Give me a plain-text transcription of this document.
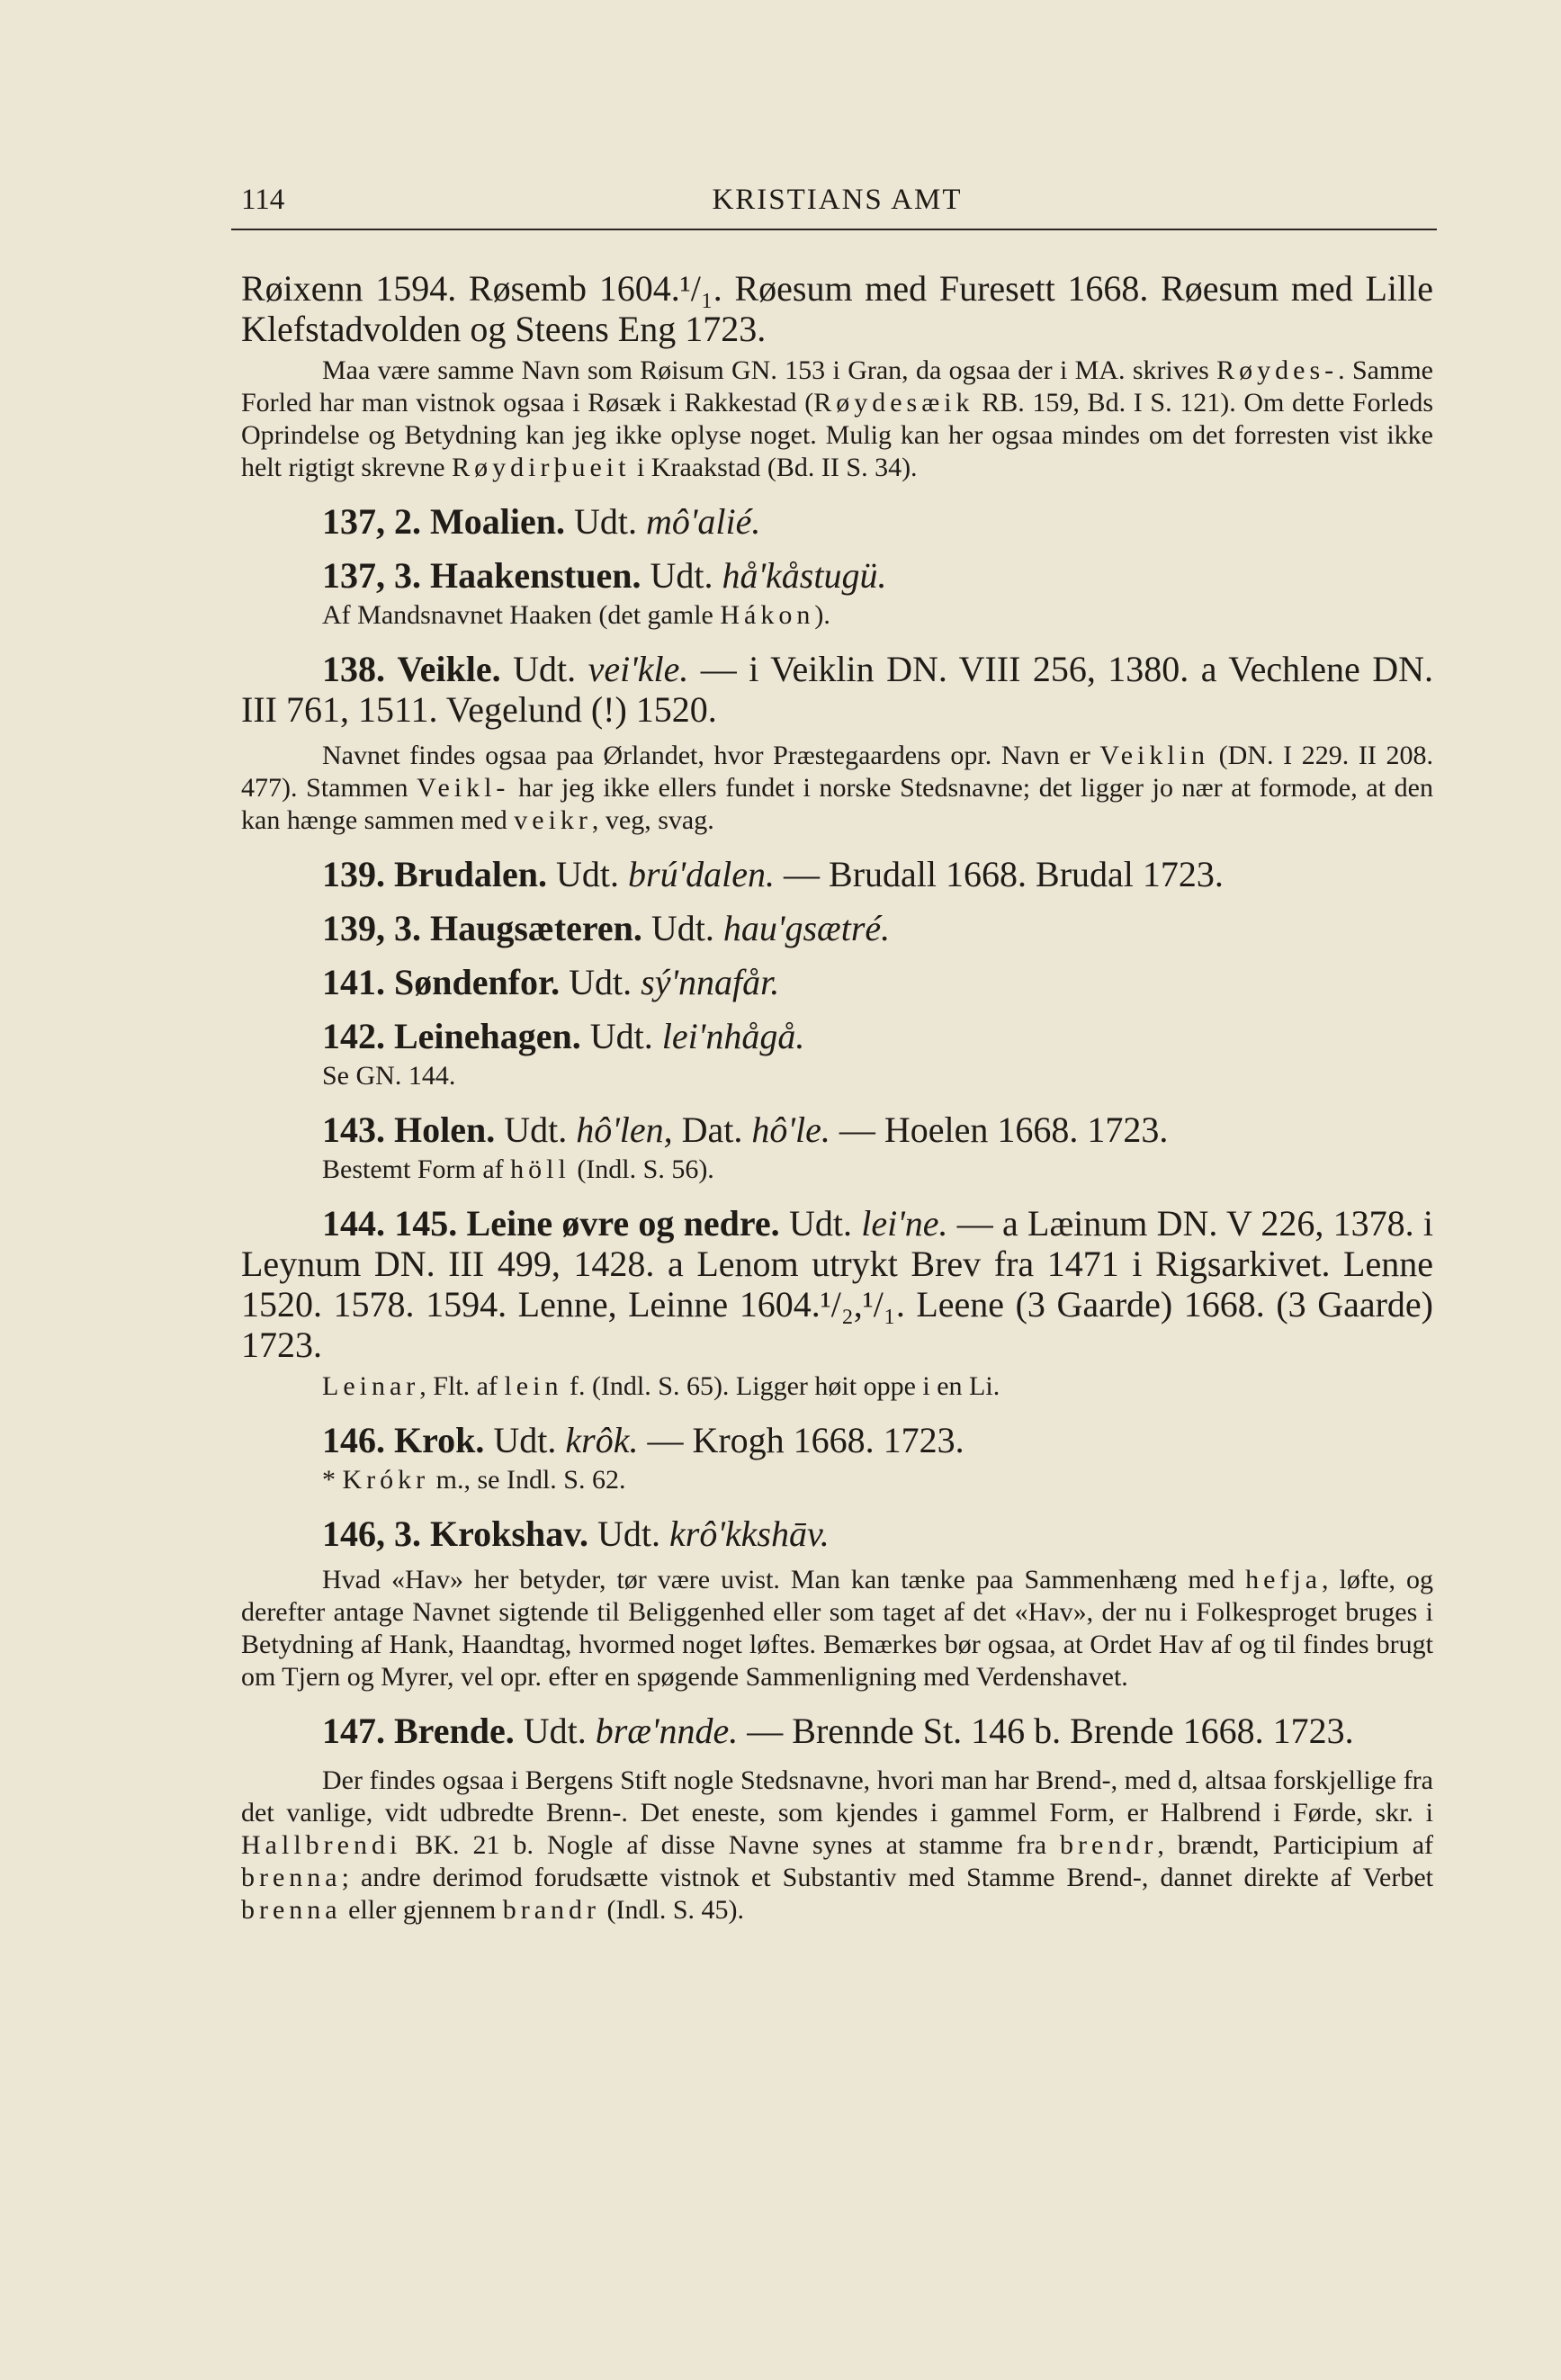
114	KRISTIANS AMT

Røixenn 1594. Røsemb 1604.¹/₁. Røesum med Furesett 1668. Røesum med Lille Klefstadvolden og Steens Eng 1723.

Maa være samme Navn som Røisum GN. 153 i Gran, da ogsaa der i MA. skrives Røydes-. Samme Forled har man vistnok ogsaa i Røsæk i Rakkestad (Røydesæik RB. 159, Bd. I S. 121). Om dette Forleds Oprindelse og Betydning kan jeg ikke oplyse noget. Mulig kan her ogsaa mindes om det forresten vist ikke helt rigtigt skrevne Røydirþueit i Kraakstad (Bd. II S. 34).

137, 2. Moalien. Udt. mô'alié.

137, 3. Haakenstuen. Udt. hå'kåstugü.

Af Mandsnavnet Haaken (det gamle Hákon).

138. Veikle. Udt. vei'kle. — i Veiklin DN. VIII 256, 1380. a Vechlene DN. III 761, 1511. Vegelund (!) 1520.

Navnet findes ogsaa paa Ørlandet, hvor Præstegaardens opr. Navn er Veiklin (DN. I 229. II 208. 477). Stammen Veikl- har jeg ikke ellers fundet i norske Stedsnavne; det ligger jo nær at formode, at den kan hænge sammen med veikr, veg, svag.

139. Brudalen. Udt. brú'dalen. — Brudall 1668. Brudal 1723.

139, 3. Haugsæteren. Udt. hau'gsætré.

141. Søndenfor. Udt. sý'nnafår.

142. Leinehagen. Udt. lei'nhågå.

Se GN. 144.

143. Holen. Udt. hô'len, Dat. hô'le. — Hoelen 1668. 1723.

Bestemt Form af höll (Indl. S. 56).

144. 145. Leine øvre og nedre. Udt. lei'ne. — a Læinum DN. V 226, 1378. i Leynum DN. III 499, 1428. a Lenom utrykt Brev fra 1471 i Rigsarkivet. Lenne 1520. 1578. 1594. Lenne, Leinne 1604.¹/₂,¹/₁. Leene (3 Gaarde) 1668. (3 Gaarde) 1723.

Leinar, Flt. af lein f. (Indl. S. 65). Ligger høit oppe i en Li.

146. Krok. Udt. krôk. — Krogh 1668. 1723.

* Krókr m., se Indl. S. 62.

146, 3. Krokshav. Udt. krô'kkshāv.

Hvad «Hav» her betyder, tør være uvist. Man kan tænke paa Sammenhæng med hefja, løfte, og derefter antage Navnet sigtende til Beliggenhed eller som taget af det «Hav», der nu i Folkesproget bruges i Betydning af Hank, Haandtag, hvormed noget løftes. Bemærkes bør ogsaa, at Ordet Hav af og til findes brugt om Tjern og Myrer, vel opr. efter en spøgende Sammenligning med Verdenshavet.

147. Brende. Udt. bræ'nnde. — Brennde St. 146 b. Brende 1668. 1723.

Der findes ogsaa i Bergens Stift nogle Stedsnavne, hvori man har Brend-, med d, altsaa forskjellige fra det vanlige, vidt udbredte Brenn-. Det eneste, som kjendes i gammel Form, er Halbrend i Førde, skr. i Hallbrendi BK. 21 b. Nogle af disse Navne synes at stamme fra brendr, brændt, Participium af brenna; andre derimod forudsætte vistnok et Substantiv med Stamme Brend-, dannet direkte af Verbet brenna eller gjennem brandr (Indl. S. 45).
